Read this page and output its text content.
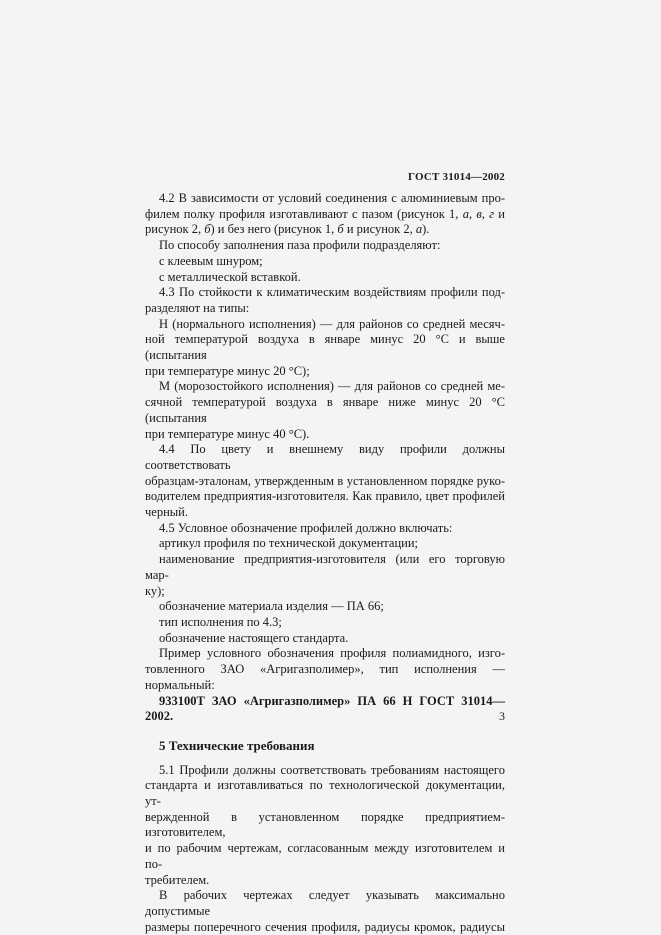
ГОСТ 31014—2002

4.2 В зависимости от условий соединения с алюминиевым про-

филем полку профиля изготавливают с пазом (рисунок 1, а, в, г и

рисунок 2, б) и без него (рисунок 1, б и рисунок 2, а).

По способу заполнения паза профили подразделяют:

с клеевым шнуром;

с металлической вставкой.

4.3 По стойкости к климатическим воздействиям профили под-

разделяют на типы:

Н (нормального исполнения) — для районов со средней месяч-

ной температурой воздуха в январе минус 20 °С и выше (испытания

при температуре минус 20 °С);

М (морозостойкого исполнения) — для районов со средней ме-

сячной температурой воздуха в январе ниже минус 20 °С (испытания

при температуре минус 40 °С).

4.4 По цвету и внешнему виду профили должны соответствовать

образцам-эталонам, утвержденным в установленном порядке руко-

водителем предприятия-изготовителя. Как правило, цвет профилей

черный.

4.5 Условное обозначение профилей должно включать:

артикул профиля по технической документации;

наименование предприятия-изготовителя (или его торговую мар-

ку);

обозначение материала изделия — ПА 66;

тип исполнения по 4.3;

обозначение настоящего стандарта.

Пример условного обозначения профиля полиамидного, изго-

товленного ЗАО «Агригазполимер», тип исполнения — нормальный:

933100Т ЗАО «Агригазполимер» ПА 66 Н ГОСТ 31014—2002.

5 Технические требования

5.1 Профили должны соответствовать требованиям настоящего

стандарта и изготавливаться по технологической документации, ут-

вержденной в установленном порядке предприятием-изготовителем,

и по рабочим чертежам, согласованным между изготовителем и по-

требителем.

В рабочих чертежах следует указывать максимально допустимые

размеры поперечного сечения профиля, радиусы кромок, радиусы

3
